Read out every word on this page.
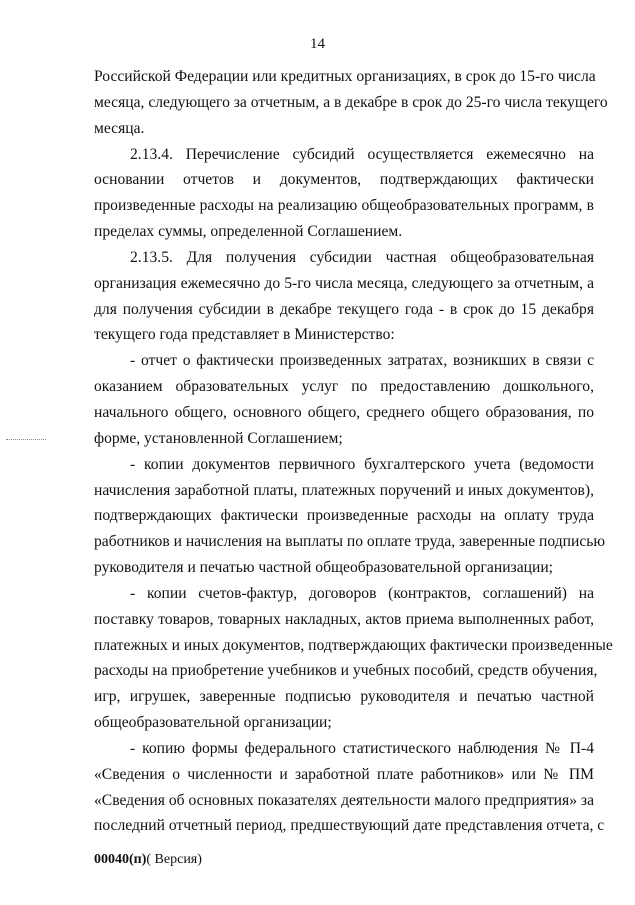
14
Российской Федерации или кредитных организациях, в срок до 15-го числа
месяца, следующего за отчетным, а в декабре в срок до 25-го числа текущего
месяца.
2.13.4. Перечисление субсидий осуществляется ежемесячно на
основании отчетов и документов, подтверждающих фактически
произведенные расходы на реализацию общеобразовательных программ, в
пределах суммы, определенной Соглашением.
2.13.5. Для получения субсидии частная общеобразовательная
организация ежемесячно до 5-го числа месяца, следующего за отчетным, а
для получения субсидии в декабре текущего года - в срок до 15 декабря
текущего года представляет в Министерство:
- отчет о фактически произведенных затратах, возникших в связи с
оказанием образовательных услуг по предоставлению дошкольного,
начального общего, основного общего, среднего общего образования, по
форме, установленной Соглашением;
- копии документов первичного бухгалтерского учета (ведомости
начисления заработной платы, платежных поручений и иных документов),
подтверждающих фактически произведенные расходы на оплату труда
работников и начисления на выплаты по оплате труда, заверенные подписью
руководителя и печатью частной общеобразовательной организации;
- копии счетов-фактур, договоров (контрактов, соглашений) на
поставку товаров, товарных накладных, актов приема выполненных работ,
платежных и иных документов, подтверждающих фактически произведенные
расходы на приобретение учебников и учебных пособий, средств обучения,
игр, игрушек, заверенные подписью руководителя и печатью частной
общеобразовательной организации;
- копию формы федерального статистического наблюдения № П-4
«Сведения о численности и заработной плате работников» или № ПМ
«Сведения об основных показателях деятельности малого предприятия» за
последний отчетный период, предшествующий дате представления отчета, с
00040(п)( Версия)
